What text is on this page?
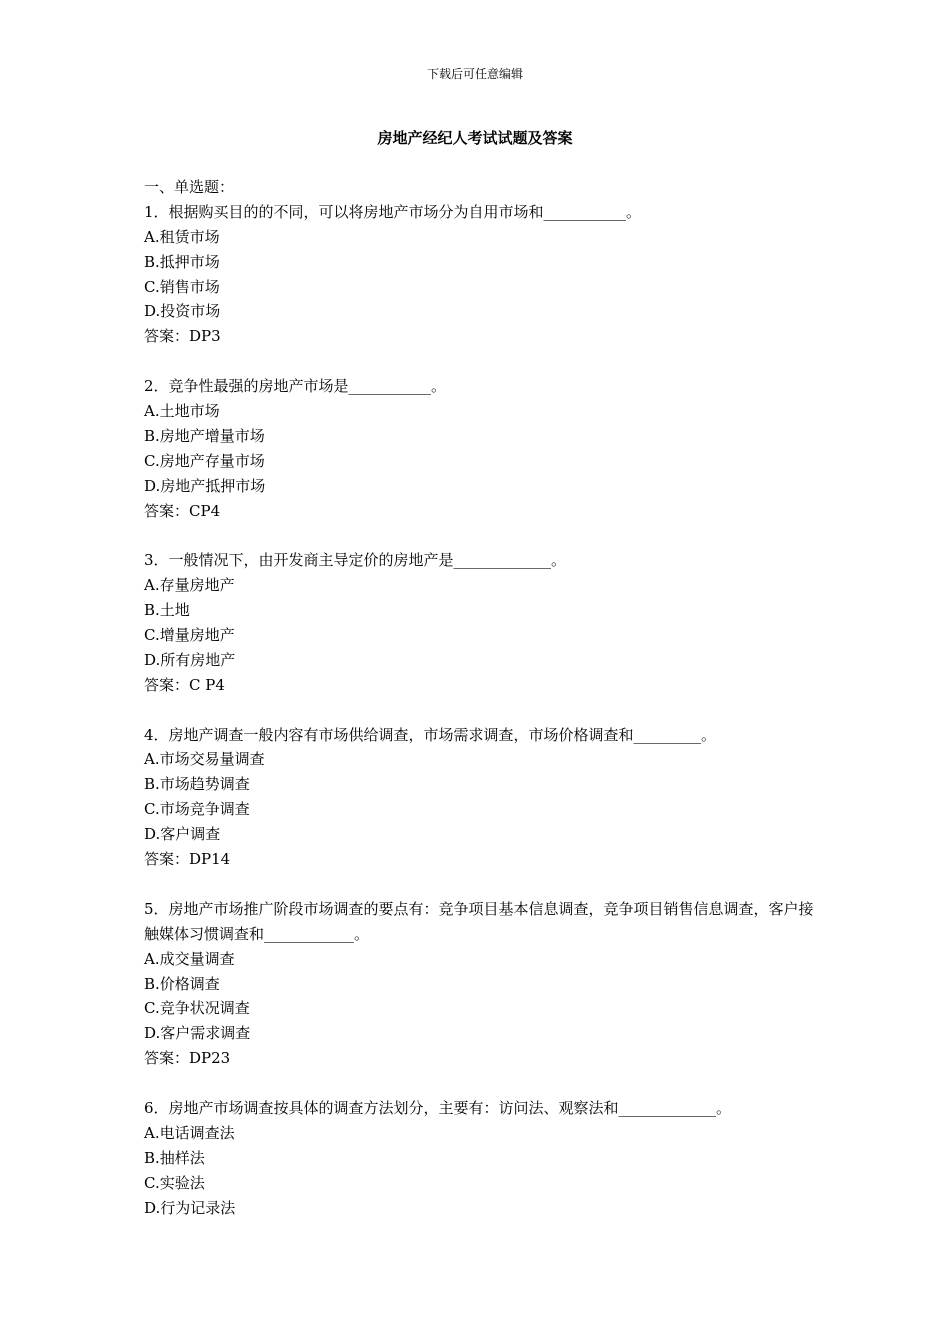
下载后可任意编辑
房地产经纪人考试试题及答案
一、单选题：
1．根据购买目的的不同，可以将房地产市场分为自用市场和___________。
A.租赁市场
B.抵押市场
C.销售市场
D.投资市场
答案：DP3
2．竞争性最强的房地产市场是___________。
A.土地市场
B.房地产增量市场
C.房地产存量市场
D.房地产抵押市场
答案：CP4
3．一般情况下，由开发商主导定价的房地产是_____________。
A.存量房地产
B.土地
C.增量房地产
D.所有房地产
答案：C P4
4．房地产调查一般内容有市场供给调查，市场需求调查，市场价格调查和_________。
A.市场交易量调查
B.市场趋势调查
C.市场竞争调查
D.客户调查
答案：DP14
5．房地产市场推广阶段市场调查的要点有：竞争项目基本信息调查，竞争项目销售信息调查，客户接触媒体习惯调查和____________。
A.成交量调查
B.价格调查
C.竞争状况调查
D.客户需求调查
答案：DP23
6．房地产市场调查按具体的调查方法划分，主要有：访问法、观察法和_____________。
A.电话调查法
B.抽样法
C.实验法
D.行为记录法
